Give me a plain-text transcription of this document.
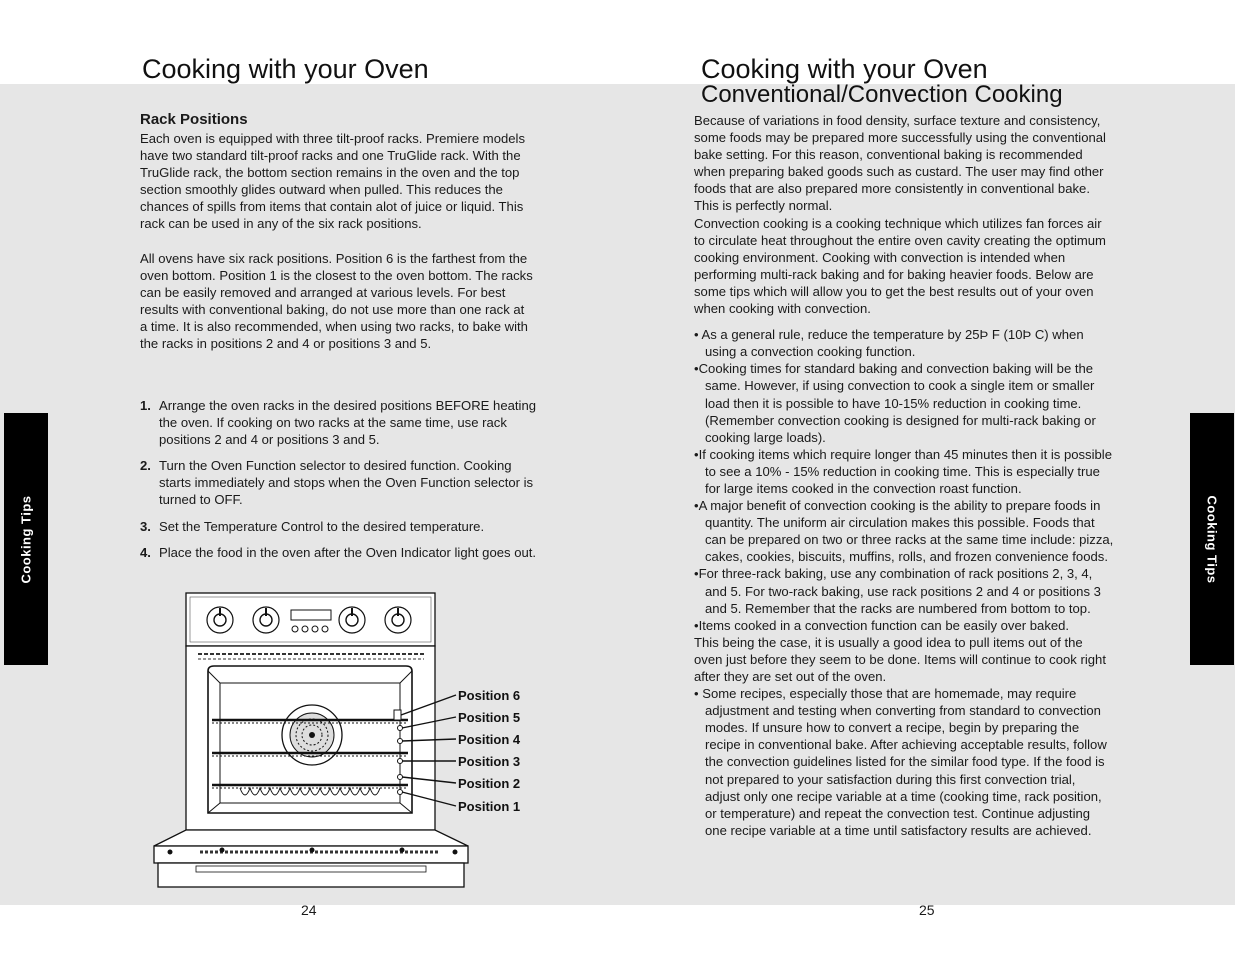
Cooking Tips	Cooking Tips
Cooking with your Oven
Rack Positions

Each oven is equipped with three tilt-proof racks. Premiere models have two standard tilt-proof racks and one TruGlide rack. With the TruGlide rack, the bottom section remains in the oven and the top section smoothly glides outward when pulled. This reduces the chances of spills from items that contain alot of juice or liquid. This rack can be used in any of the six rack positions.

All ovens have six rack positions. Position 6 is the farthest from the oven bottom. Position 1 is the closest to the oven bottom. The racks can be easily removed and arranged at various levels. For best results with conventional baking, do not use more than one rack at a time. It is also recommended, when using two racks, to bake with the racks in positions 2 and 4 or positions 3 and 5.

1. Arrange the oven racks in the desired positions BEFORE heating the oven. If cooking on two racks at the same time, use rack positions 2 and 4 or positions 3 and 5.
2. Turn the Oven Function selector to desired function. Cooking starts immediately and stops when the Oven Function selector is turned to OFF.
3. Set the Temperature Control to the desired temperature.
4. Place the food in the oven after the Oven Indicator light goes out.
Position 6
Position 5
Position 4
Position 3
Position 2
Position 1
24
Cooking with your Oven
Conventional/Convection Cooking

Because of variations in food density, surface texture and consistency, some foods may be prepared more successfully using the conventional bake setting. For this reason, conventional baking is recommended when preparing baked goods such as custard. The user may find other foods that are also prepared more consistently in conventional bake. This is perfectly normal.

Convection cooking is a cooking technique which utilizes fan forces air to circulate heat throughout the entire oven cavity creating the optimum cooking environment. Cooking with convection is intended when performing multi-rack baking and for baking heavier foods. Below are some tips which will allow you to get the best results out of your oven when cooking with convection.

• As a general rule, reduce the temperature by 25Þ F (10Þ C) when using a convection cooking function.
•Cooking times for standard baking and convection baking will be the same. However, if using convection to cook a single item or smaller load then it is possible to have 10-15% reduction in cooking time. (Remember convection cooking is designed for multi-rack baking or cooking large loads).
•If cooking items which require longer than 45 minutes then it is possible to see a 10% - 15% reduction in cooking time. This is especially true for large items cooked in the convection roast function.
•A major benefit of convection cooking is the ability to prepare foods in quantity. The uniform air circulation makes this possible. Foods that can be prepared on two or three racks at the same time include: pizza, cakes, cookies, biscuits, muffins, rolls, and frozen convenience foods.
•For three-rack baking, use any combination of rack positions 2, 3, 4, and 5. For two-rack baking, use rack positions 2 and 4 or positions 3 and 5. Remember that the racks are numbered from bottom to top.
•Items cooked in a convection function can be easily over baked.

This being the case, it is usually a good idea to pull items out of the oven just before they seem to be done. Items will continue to cook right after they are set out of the oven.

• Some recipes, especially those that are homemade, may require adjustment and testing when converting from standard to convection modes. If unsure how to convert a recipe, begin by preparing the recipe in conventional bake. After achieving acceptable results, follow the convection guidelines listed for the similar food type. If the food is not prepared to your satisfaction during this first convection trial, adjust only one recipe variable at a time (cooking time, rack position, or temperature) and repeat the convection test. Continue adjusting one recipe variable at a time until satisfactory results are achieved.
25
